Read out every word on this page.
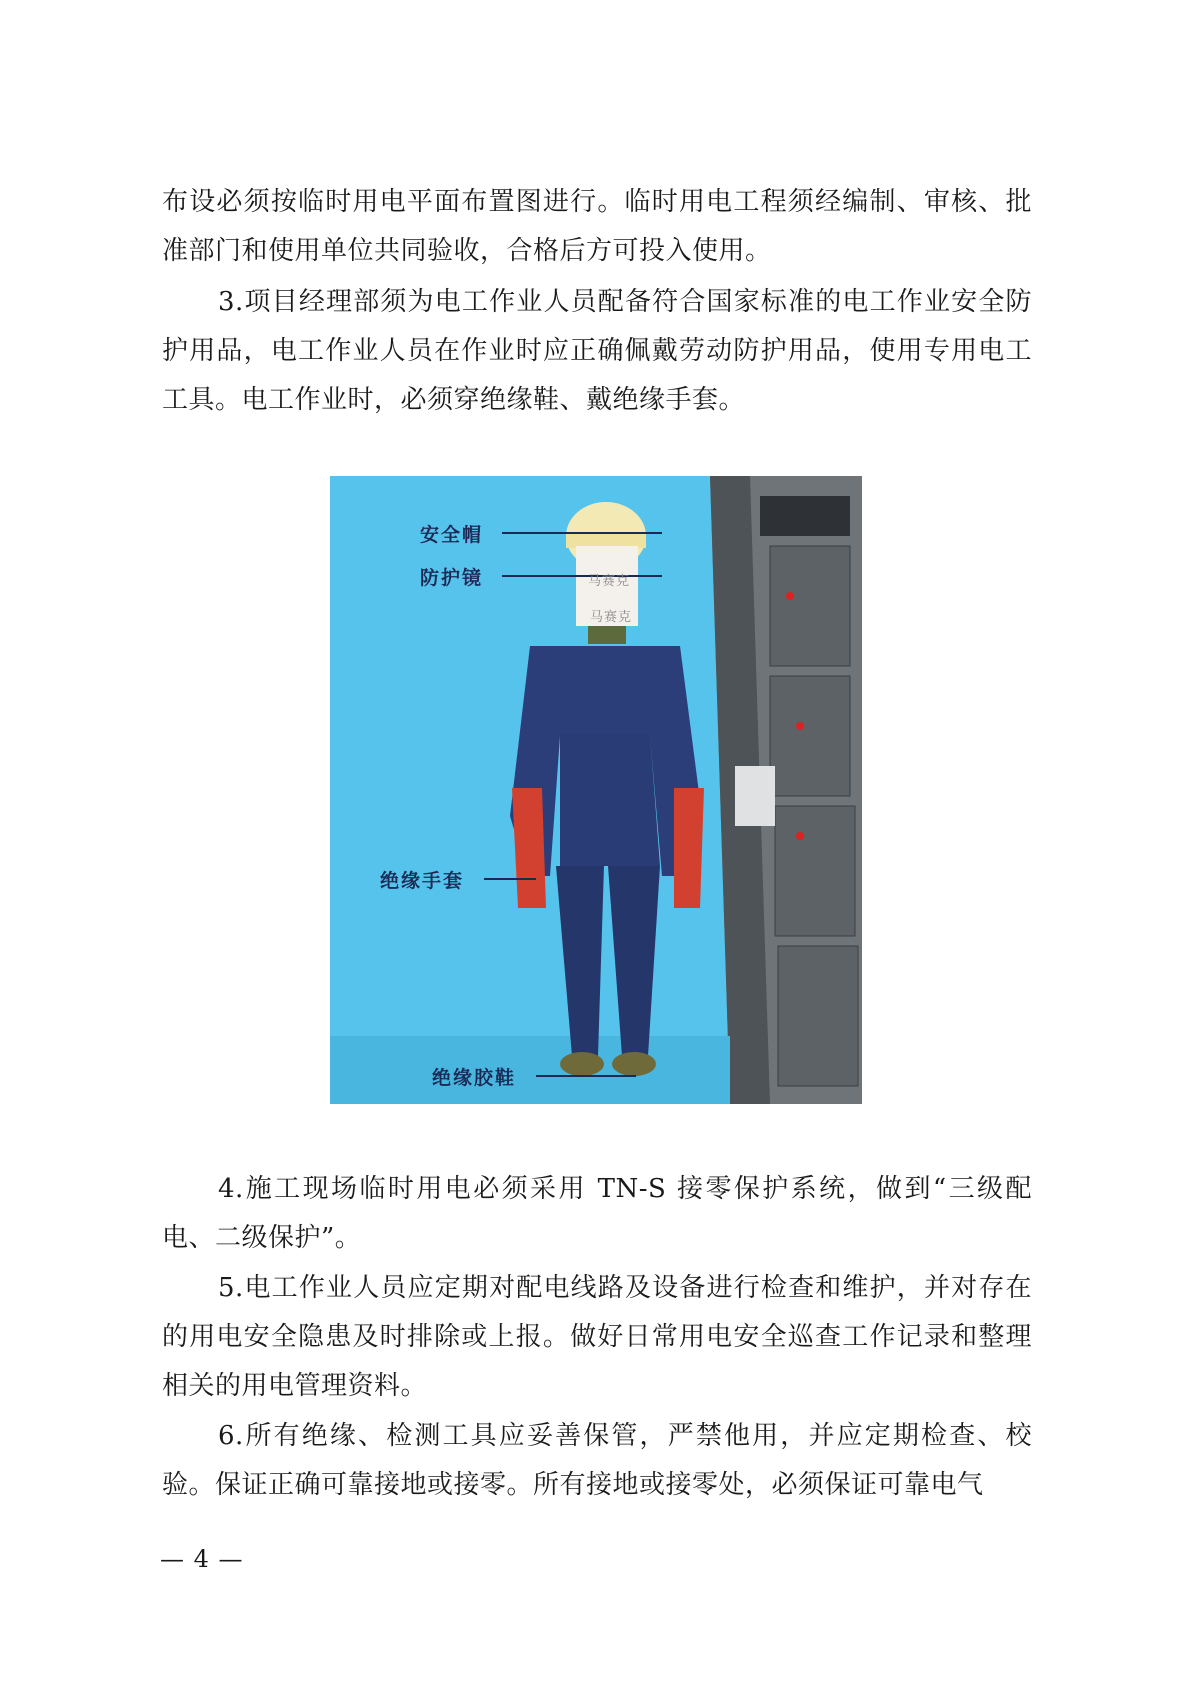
布设必须按临时用电平面布置图进行。临时用电工程须经编制、审核、批准部门和使用单位共同验收，合格后方可投入使用。

3.项目经理部须为电工作业人员配备符合国家标准的电工作业安全防护用品，电工作业人员在作业时应正确佩戴劳动防护用品，使用专用电工工具。电工作业时，必须穿绝缘鞋、戴绝缘手套。

安全帽
防护镜
绝缘手套
绝缘胶鞋
马赛克
马赛克

4.施工现场临时用电必须采用 TN-S 接零保护系统，做到“三级配电、二级保护”。

5.电工作业人员应定期对配电线路及设备进行检查和维护，并对存在的用电安全隐患及时排除或上报。做好日常用电安全巡查工作记录和整理相关的用电管理资料。

6.所有绝缘、检测工具应妥善保管，严禁他用，并应定期检查、校验。保证正确可靠接地或接零。所有接地或接零处，必须保证可靠电气

— 4 —
